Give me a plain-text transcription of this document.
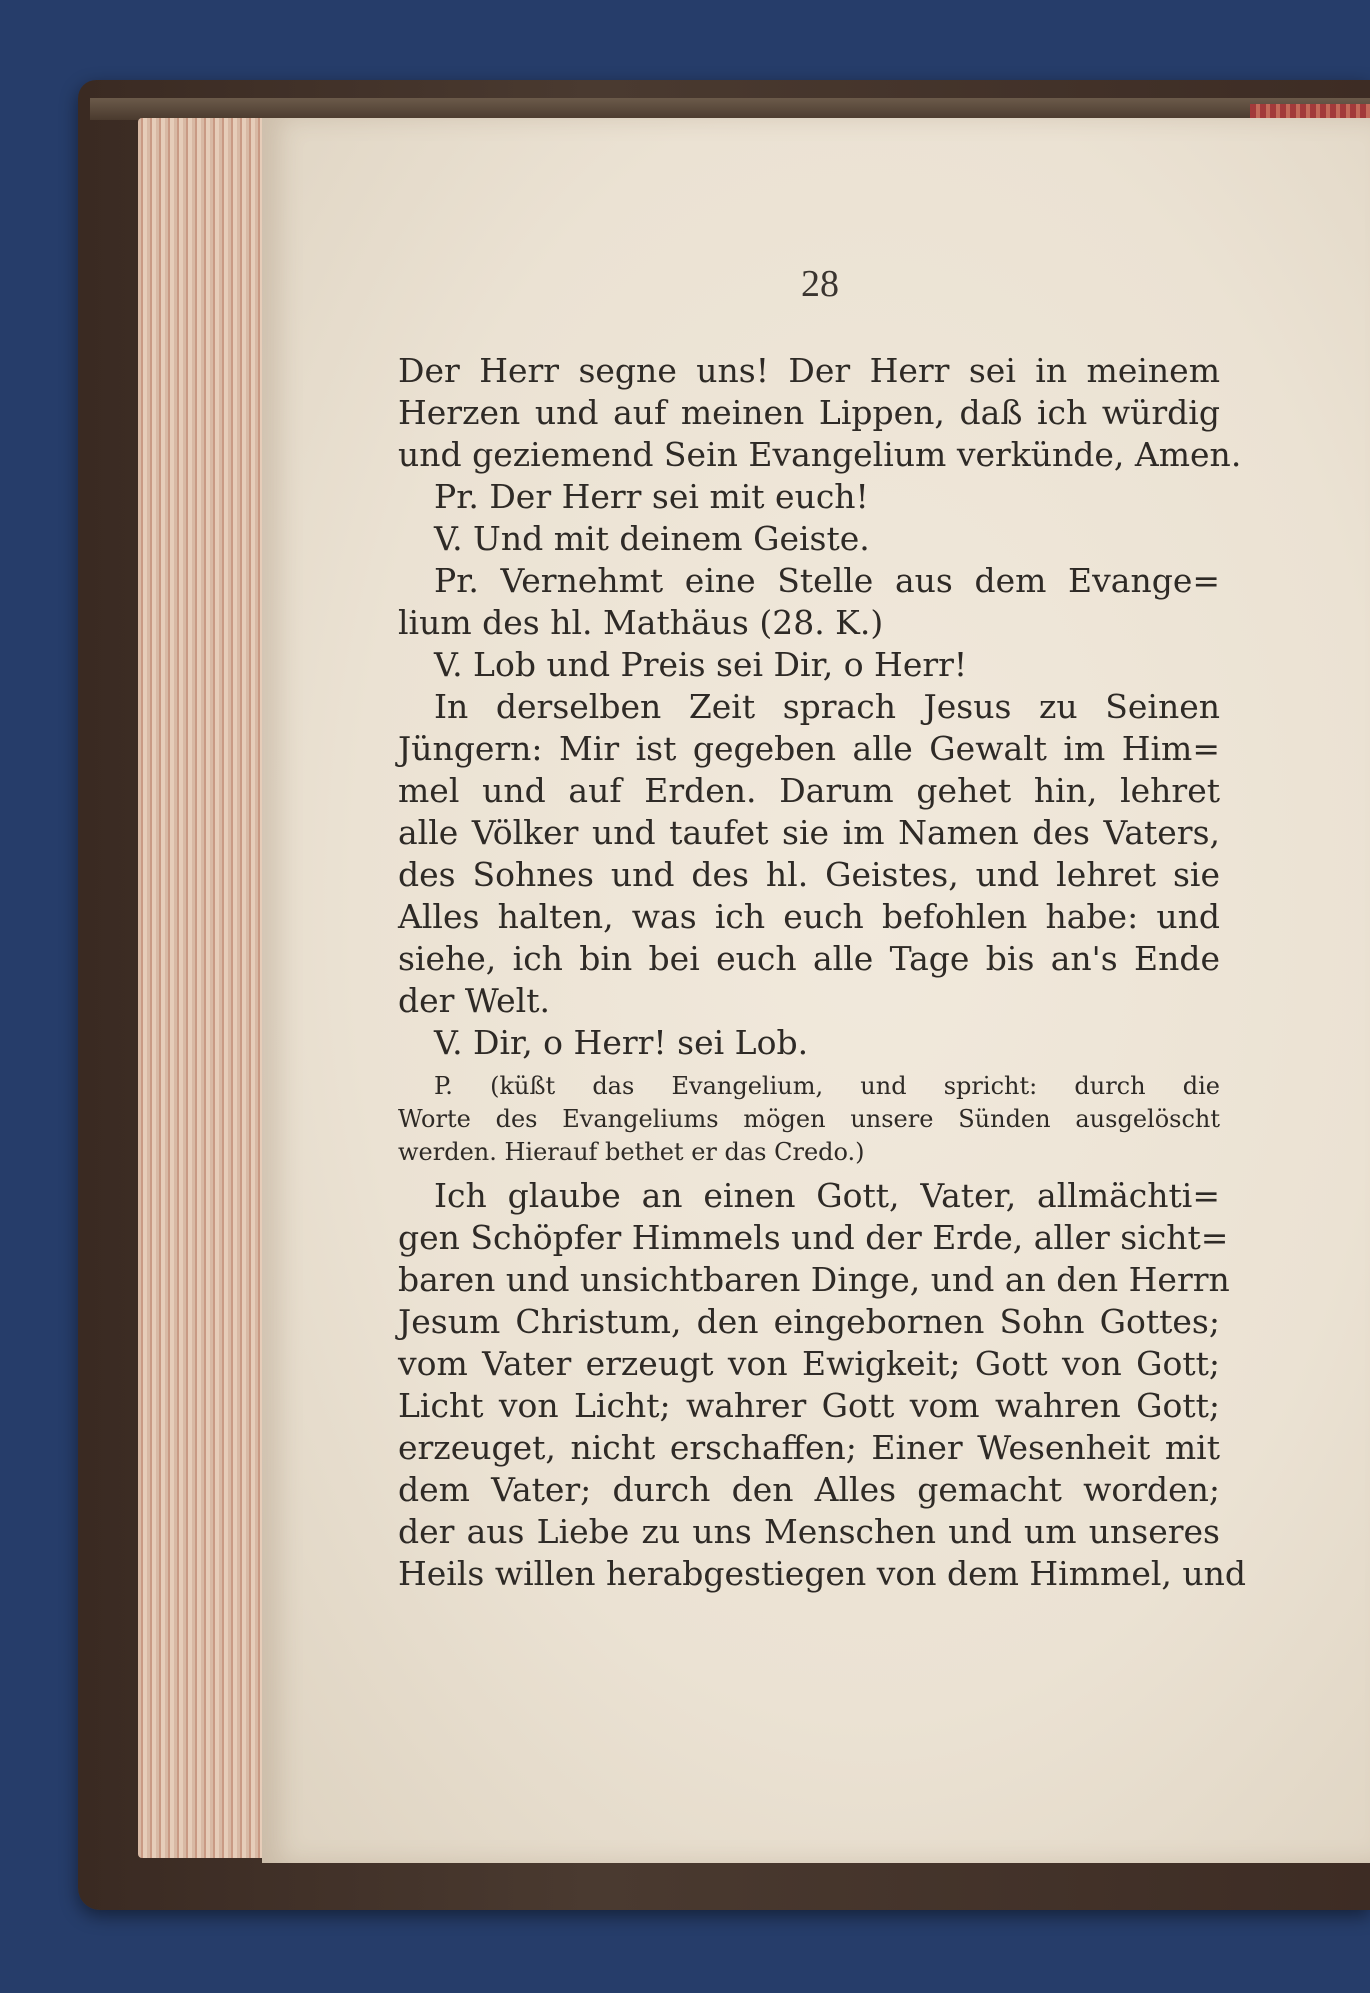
28
Der Herr segne uns! Der Herr sei in meinem
Herzen und auf meinen Lippen, daß ich würdig
und geziemend Sein Evangelium verkünde, Amen.
Pr. Der Herr sei mit euch!
V. Und mit deinem Geiste.
Pr. Vernehmt eine Stelle aus dem Evange=
lium des hl. Mathäus (28. K.)
V. Lob und Preis sei Dir, o Herr!
In derselben Zeit sprach Jesus zu Seinen
Jüngern: Mir ist gegeben alle Gewalt im Him=
mel und auf Erden. Darum gehet hin, lehret
alle Völker und taufet sie im Namen des Vaters,
des Sohnes und des hl. Geistes, und lehret sie
Alles halten, was ich euch befohlen habe: und
siehe, ich bin bei euch alle Tage bis an's Ende
der Welt.
V. Dir, o Herr! sei Lob.
P. (küßt das Evangelium, und spricht: durch die
Worte des Evangeliums mögen unsere Sünden ausgelöscht
werden. Hierauf bethet er das Credo.)
Ich glaube an einen Gott, Vater, allmächti=
gen Schöpfer Himmels und der Erde, aller sicht=
baren und unsichtbaren Dinge, und an den Herrn
Jesum Christum, den eingebornen Sohn Gottes;
vom Vater erzeugt von Ewigkeit; Gott von Gott;
Licht von Licht; wahrer Gott vom wahren Gott;
erzeuget, nicht erschaffen; Einer Wesenheit mit
dem Vater; durch den Alles gemacht worden;
der aus Liebe zu uns Menschen und um unseres
Heils willen herabgestiegen von dem Himmel, und
